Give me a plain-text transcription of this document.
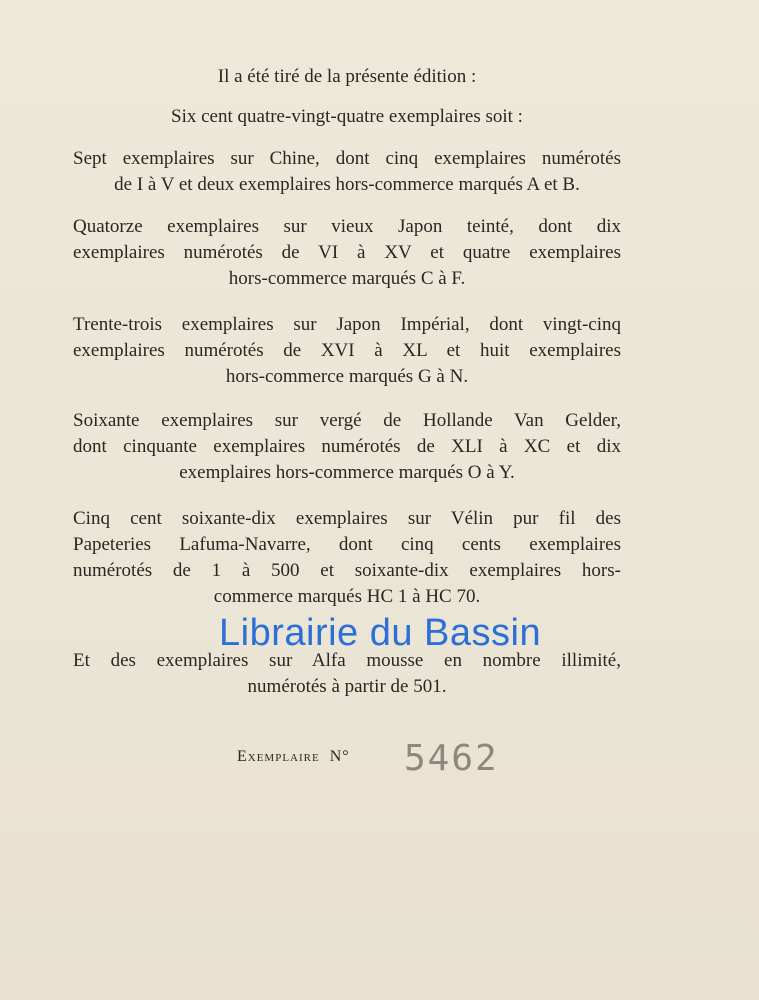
Il a été tiré de la présente édition :
Six cent quatre-vingt-quatre exemplaires soit :
Sept exemplaires sur Chine, dont cinq exemplaires numérotés
de I à V et deux exemplaires hors-commerce marqués A et B.
Quatorze exemplaires sur vieux Japon teinté, dont dix
exemplaires numérotés de VI à XV et quatre exemplaires
hors-commerce marqués C à F.
Trente-trois exemplaires sur Japon Impérial, dont vingt-cinq
exemplaires numérotés de XVI à XL et huit exemplaires
hors-commerce marqués G à N.
Soixante exemplaires sur vergé de Hollande Van Gelder,
dont cinquante exemplaires numérotés de XLI à XC et dix
exemplaires hors-commerce marqués O à Y.
Cinq cent soixante-dix exemplaires sur Vélin pur fil des
Papeteries Lafuma-Navarre, dont cinq cents exemplaires
numérotés de 1 à 500 et soixante-dix exemplaires hors-
commerce marqués HC 1 à HC 70.
Et des exemplaires sur Alfa mousse en nombre illimité,
numérotés à partir de 501.
Librairie du Bassin
Exemplaire N° 5462
